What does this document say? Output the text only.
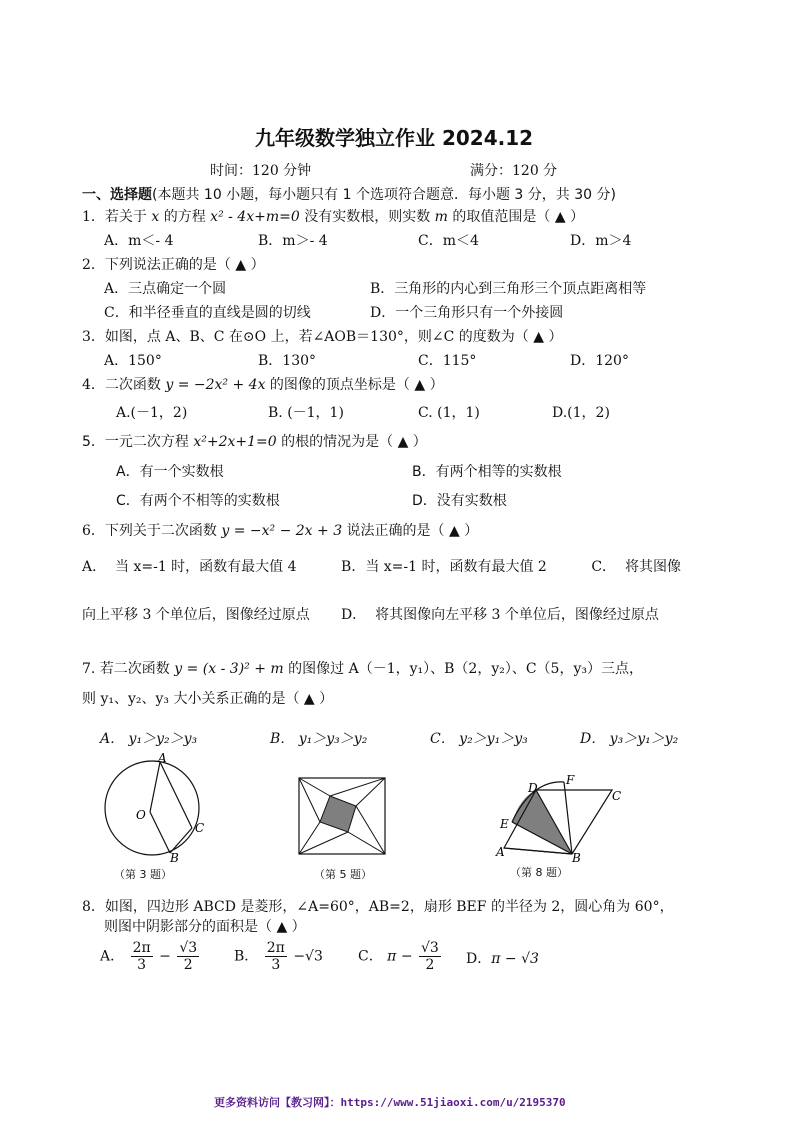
九年级数学独立作业 2024.12
时间：120 分钟	满分：120 分
一、选择题(本题共 10 小题，每小题只有 1 个选项符合题意．每小题 3 分，共 30 分)
1．若关于 x 的方程 x² - 4x+m=0 没有实数根，则实数 m 的取值范围是（ ▲ ）
A．m＜- 4	B．m＞- 4	C．m＜4	D．m＞4
2．下列说法正确的是（ ▲ ）
A．三点确定一个圆	B．三角形的内心到三角形三个顶点距离相等
C．和半径垂直的直线是圆的切线	D．一个三角形只有一个外接圆
3．如图，点 A、B、C 在⊙O 上，若∠AOB＝130°，则∠C 的度数为（ ▲ ）
A．150°	B．130°	C．115°	D．120°
4．二次函数 y = −2x² + 4x 的图像的顶点坐标是（ ▲ ）
A.(－1，2)	B. (－1，1)	C. (1，1)	D.(1，2)
5．一元二次方程 x²+2x+1=0 的根的情况为是（ ▲ ）
A．有一个实数根	B．有两个相等的实数根
C．有两个不相等的实数根	D．没有实数根
6．下列关于二次函数 y = −x² − 2x + 3 说法正确的是（ ▲ ）
A．  当 x=-1 时，函数有最大值 4          B．当 x=-1 时，函数有最大值 2          C．  将其图像
向上平移 3 个单位后，图像经过原点       D．  将其图像向左平移 3 个单位后，图像经过原点
7. 若二次函数 y = (x - 3)² + m 的图像过 A（－1，y₁）、B（2，y₂）、C（5，y₃）三点，
则 y₁、y₂、y₃ 大小关系正确的是（ ▲ ）
A． y₁＞y₂＞y₃	B． y₁＞y₃＞y₂	C． y₂＞y₁＞y₃	D． y₃＞y₁＞y₂
A
O
C
B
（第 3 题）	（第 5 题）
D
F
C
E
A	B
（第 8 题）
8．如图，四边形 ABCD 是菱形，∠A=60°，AB=2，扇形 BEF 的半径为 2，圆心角为 60°，
则图中阴影部分的面积是（ ▲ ）
A． $\frac{2\pi}{3} - \frac{√3}{2}$ B． $\frac{2\pi}{3} -√3$	C． $\pi - \frac{√3}{2}$ D．π − √3
更多资料访问【教习网】：https://www.51jiaoxi.com/u/2195370
